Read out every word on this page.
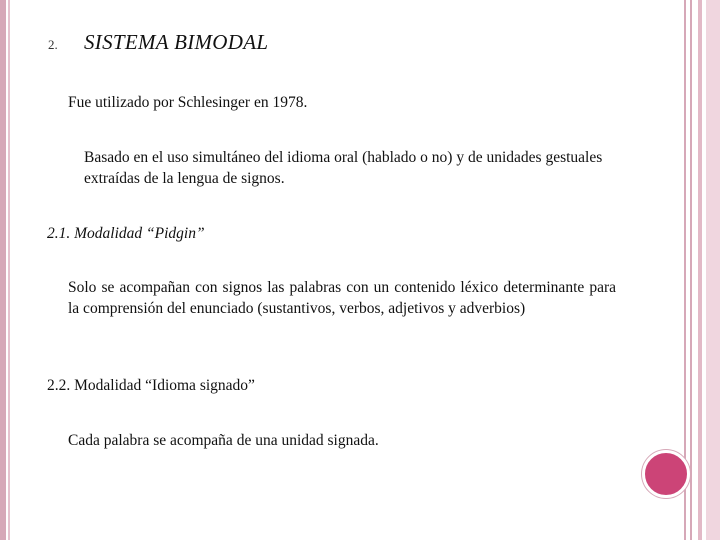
2. SISTEMA BIMODAL
Fue utilizado por Schlesinger en 1978.
Basado en el uso simultáneo del idioma oral (hablado o no) y de unidades gestuales extraídas de la lengua de signos.
2.1. Modalidad “Pidgin”
Solo se acompañan con signos las palabras con un contenido léxico determinante para la comprensión del enunciado (sustantivos, verbos, adjetivos y adverbios)
2.2. Modalidad “Idioma signado”
Cada palabra se acompaña de una unidad signada.
